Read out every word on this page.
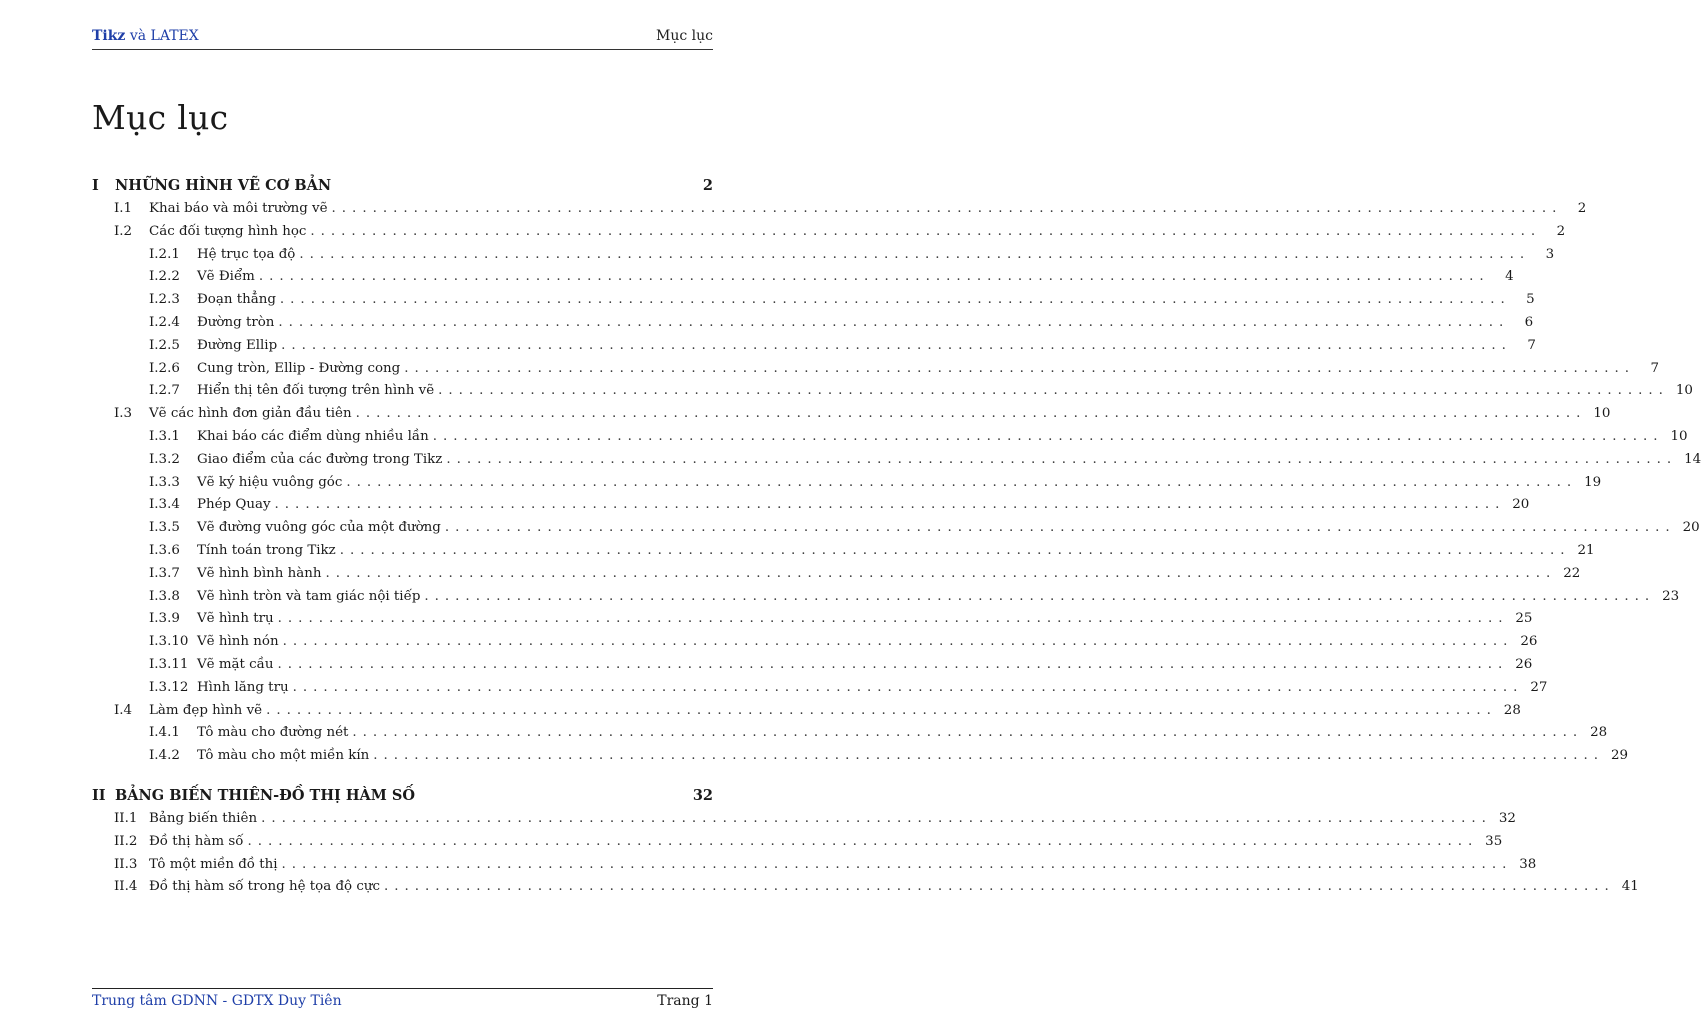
Tikz và LATEX	Mục lục
Mục lục
I	NHỮNG HÌNH VẼ CƠ BẢN	2
I.1	Khai báo và môi trường vẽ ........................................................................................................................	2
I.2	Các đối tượng hình học ........................................................................................................................	2
I.2.1	Hệ trục tọa độ ........................................................................................................................	3
I.2.2	Vẽ Điểm ........................................................................................................................	4
I.2.3	Đoạn thẳng ........................................................................................................................	5
I.2.4	Đường tròn ........................................................................................................................	6
I.2.5	Đường Ellip ........................................................................................................................	7
I.2.6	Cung tròn, Ellip - Đường cong ........................................................................................................................	7
I.2.7	Hiển thị tên đối tượng trên hình vẽ ........................................................................................................................ 10
I.3	Vẽ các hình đơn giản đầu tiên ........................................................................................................................ 10
I.3.1	Khai báo các điểm dùng nhiều lần ........................................................................................................................ 10
I.3.2	Giao điểm của các đường trong Tikz ........................................................................................................................ 14
I.3.3	Vẽ ký hiệu vuông góc ........................................................................................................................ 19
I.3.4	Phép Quay ........................................................................................................................ 20
I.3.5	Vẽ đường vuông góc của một đường ........................................................................................................................ 20
I.3.6	Tính toán trong Tikz ........................................................................................................................ 21
I.3.7	Vẽ hình bình hành ........................................................................................................................ 22
I.3.8	Vẽ hình tròn và tam giác nội tiếp ........................................................................................................................ 23
I.3.9	Vẽ hình trụ ........................................................................................................................ 25
I.3.10 Vẽ hình nón ........................................................................................................................ 26
I.3.11 Vẽ mặt cầu ........................................................................................................................ 26
I.3.12 Hình lăng trụ ........................................................................................................................ 27
I.4	Làm đẹp hình vẽ ........................................................................................................................ 28
I.4.1	Tô màu cho đường nét ........................................................................................................................ 28
I.4.2	Tô màu cho một miền kín ........................................................................................................................ 29
II BẢNG BIẾN THIÊN-ĐỒ THỊ HÀM SỐ	32
II.1 Bảng biến thiên ........................................................................................................................ 32
II.2 Đồ thị hàm số ........................................................................................................................ 35
II.3 Tô một miền đồ thị ........................................................................................................................ 38
II.4 Đồ thị hàm số trong hệ tọa độ cực ........................................................................................................................ 41
Trung tâm GDNN - GDTX Duy Tiên	Trang 1
